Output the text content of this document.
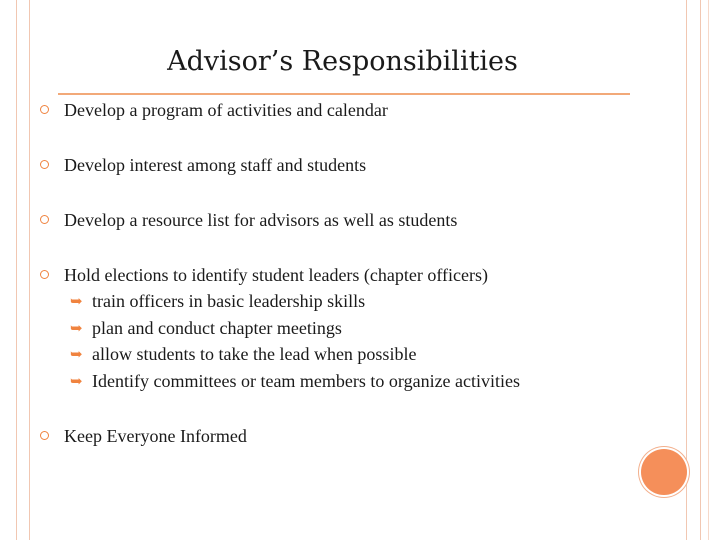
Advisor’s Responsibilities
Develop a program of activities and calendar
Develop interest among staff and students
Develop a resource list for advisors as well as students
Hold elections to identify student leaders (chapter officers)
➥ train officers in basic leadership skills
➥ plan and conduct chapter meetings
➥ allow students to take the lead when possible
➥ Identify committees or team members to organize activities
Keep Everyone Informed
